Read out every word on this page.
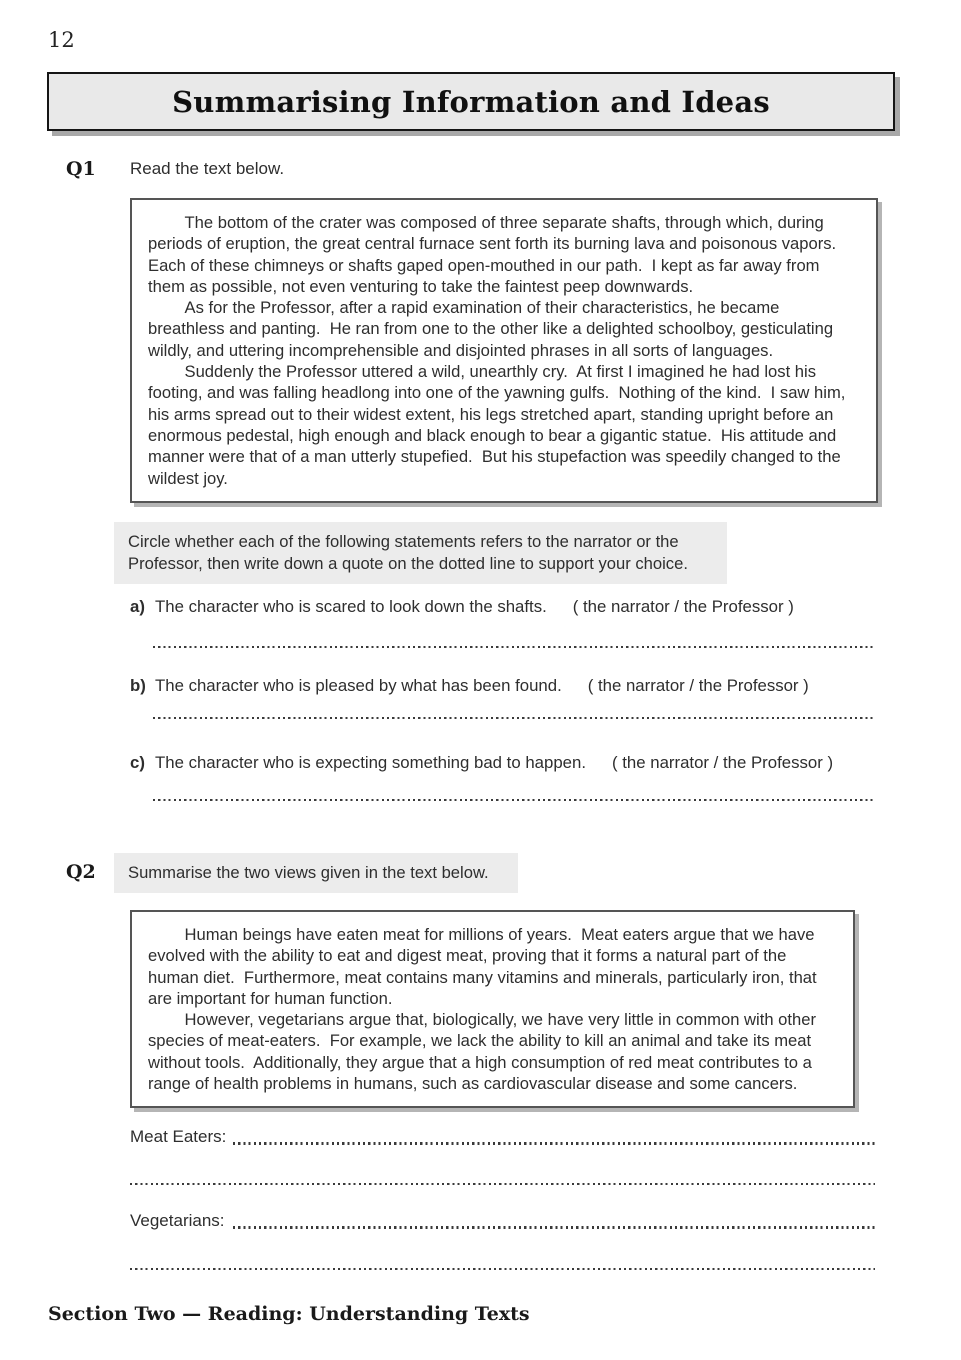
12
Summarising Information and Ideas
Q1 Read the text below.

The bottom of the crater was composed of three separate shafts, through which, during periods of eruption, the great central furnace sent forth its burning lava and poisonous vapors.  Each of these chimneys or shafts gaped open-mouthed in our path.  I kept as far away from them as possible, not even venturing to take the faintest peep downwards.

As for the Professor, after a rapid examination of their characteristics, he became breathless and panting.  He ran from one to the other like a delighted schoolboy, gesticulating wildly, and uttering incomprehensible and disjointed phrases in all sorts of languages.

Suddenly the Professor uttered a wild, unearthly cry.  At first I imagined he had lost his footing, and was falling headlong into one of the yawning gulfs.  Nothing of the kind.  I saw him, his arms spread out to their widest extent, his legs stretched apart, standing upright before an enormous pedestal, high enough and black enough to bear a gigantic statue.  His attitude and manner were that of a man utterly stupefied.  But his stupefaction was speedily changed to the wildest joy.

Circle whether each of the following statements refers to the narrator or the Professor, then write down a quote on the dotted line to support your choice.
a) The character who is scared to look down the shafts. ( the narrator / the Professor )
b) The character who is pleased by what has been found. ( the narrator / the Professor )
c) The character who is expecting something bad to happen. ( the narrator / the Professor )
Q2	Summarise the two views given in the text below.

Human beings have eaten meat for millions of years.  Meat eaters argue that we have evolved with the ability to eat and digest meat, proving that it forms a natural part of the human diet.  Furthermore, meat contains many vitamins and minerals, particularly iron, that are important for human function.

However, vegetarians argue that, biologically, we have very little in common with other species of meat-eaters.  For example, we lack the ability to kill an animal and take its meat without tools.  Additionally, they argue that a high consumption of red meat contributes to a range of health problems in humans, such as cardiovascular disease and some cancers.

Meat Eaters:
Vegetarians:
Section Two — Reading: Understanding Texts
